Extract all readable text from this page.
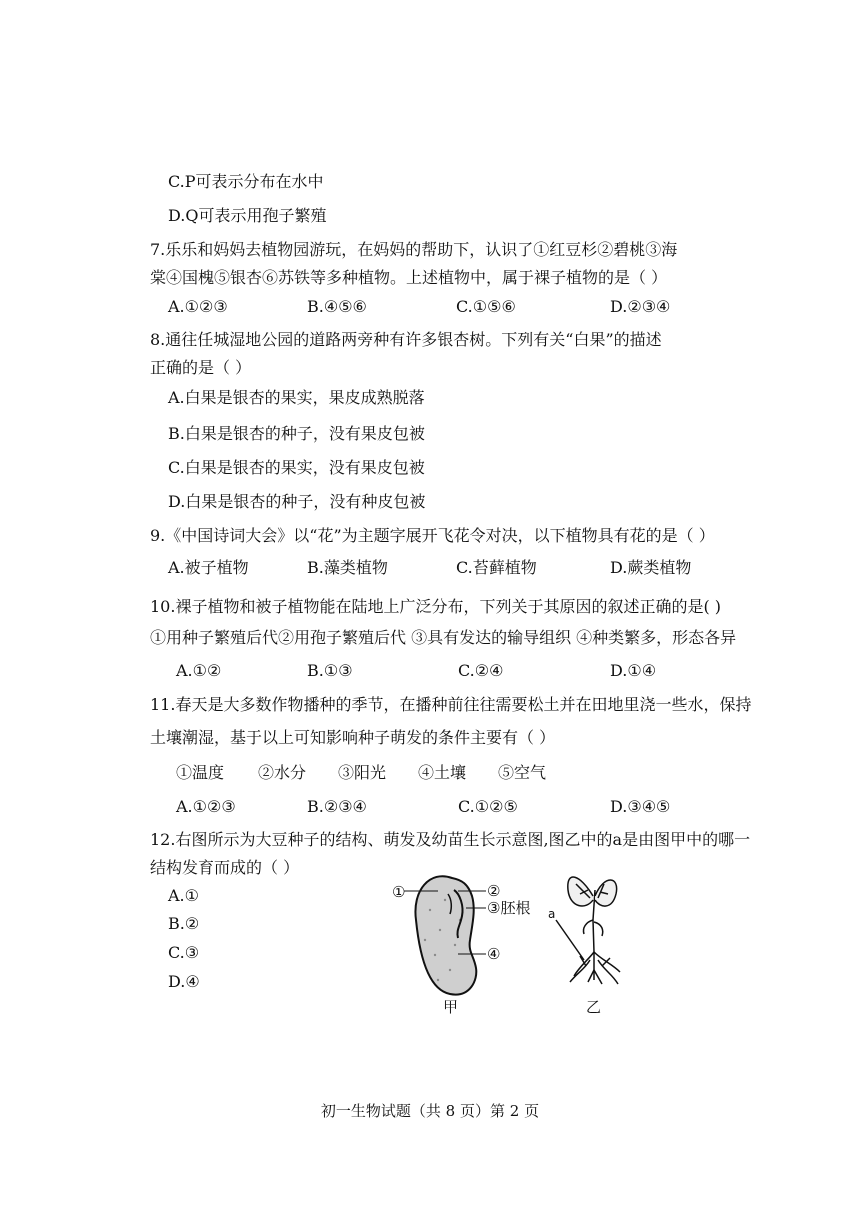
C.P可表示分布在水中
D.Q可表示用孢子繁殖
7.乐乐和妈妈去植物园游玩，在妈妈的帮助下，认识了①红豆杉②碧桃③海
棠④国槐⑤银杏⑥苏铁等多种植物。上述植物中，属于裸子植物的是（ ）
A.①②③	B.④⑤⑥	C.①⑤⑥	D.②③④
8.通往任城湿地公园的道路两旁种有许多银杏树。下列有关“白果”的描述
正确的是（ ）
A.白果是银杏的果实，果皮成熟脱落
B.白果是银杏的种子，没有果皮包被
C.白果是银杏的果实，没有果皮包被
D.白果是银杏的种子，没有种皮包被
9.《中国诗词大会》以“花”为主题字展开飞花令对决，以下植物具有花的是（ ）
A.被子植物	B.藻类植物	C.苔藓植物	D.蕨类植物
10.裸子植物和被子植物能在陆地上广泛分布，下列关于其原因的叙述正确的是( )
①用种子繁殖后代②用孢子繁殖后代 ③具有发达的输导组织 ④种类繁多，形态各异
A.①②	B.①③	C.②④	D.①④
11.春天是大多数作物播种的季节，在播种前往往需要松土并在田地里浇一些水，保持
土壤潮湿，基于以上可知影响种子萌发的条件主要有（ ）
①温度 ②水分 ③阳光 ④土壤 ⑤空气
A.①②③	B.②③④	C.①②⑤	D.③④⑤
12.右图所示为大豆种子的结构、萌发及幼苗生长示意图,图乙中的a是由图甲中的哪一
结构发育而成的（ ）
A.①
B.②
C.③
D.④
①	②
③胚根
④
a
甲	乙
初一生物试题（共 8 页）第 2 页
